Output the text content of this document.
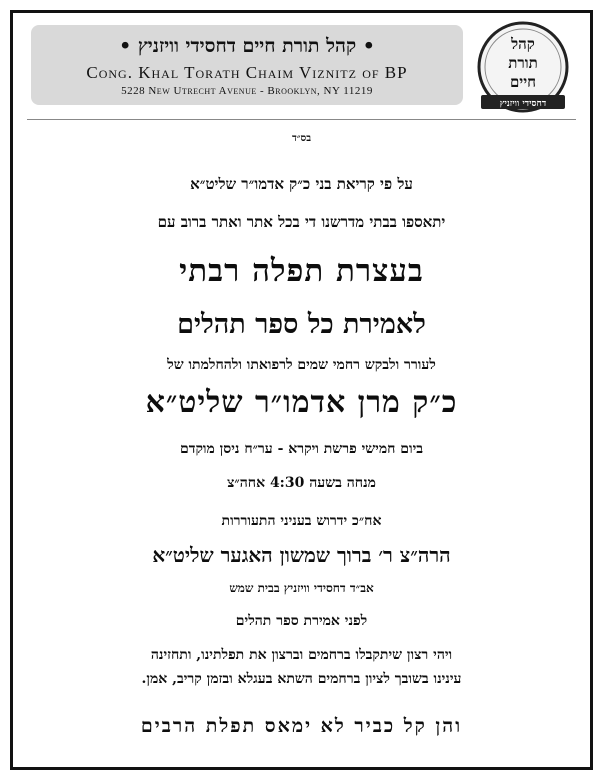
• קהל תורת חיים דחסידי וויזניץ •
Cong. Khal Torath Chaim Viznitz of BP
5228 New Utrecht Avenue - Brooklyn, NY 11219
קהל
תורת
חיים
דחסידי וויזניץ
בס״ד
על פי קריאת בני כ״ק אדמו״ר שליט״א
יתאספו בבתי מדרשנו די בכל אתר ואתר ברוב עם
בעצרת תפלה רבתי
לאמירת כל ספר תהלים
לעורר ולבקש רחמי שמים לרפואתו ולהחלמתו של
כ״ק מרן אדמו״ר שליט״א
ביום חמישי פרשת ויקרא - ער״ח ניסן מוקדם
מנחה בשעה 4:30 אחה״צ
אח״כ ידרוש בעניני התעוררות
הרה״צ ר׳ ברוך שמשון האגער שליט״א
אב״ד דחסידי וויזניץ בבית שמש
לפני אמירת ספר תהלים
ויהי רצון שיתקבלו ברחמים וברצון את תפלתינו, ותחזינה
עינינו בשובך לציון ברחמים השתא בעגלא ובזמן קריב, אמן.
והן קל כביר לא ימאס תפלת הרבים
